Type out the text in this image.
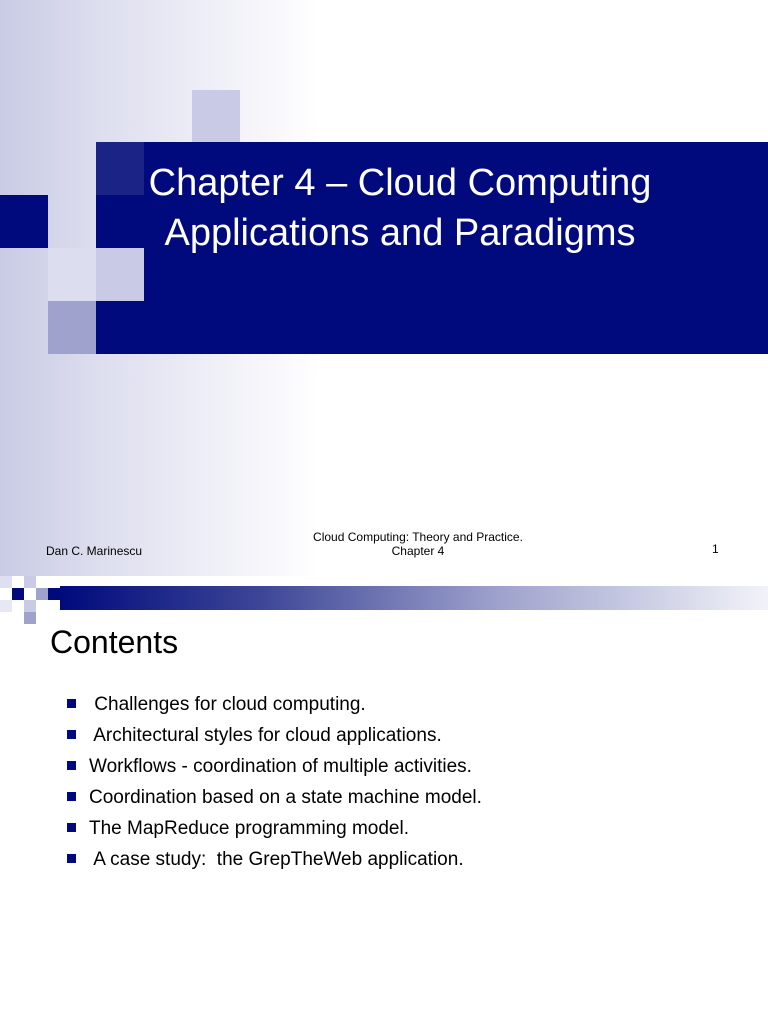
Chapter 4 – Cloud Computing
Applications and Paradigms
Dan C. Marinescu
Cloud Computing: Theory and Practice.
Chapter 4	1
Contents
Challenges for cloud computing.
Architectural styles for cloud applications.
Workflows - coordination of multiple activities.
Coordination based on a state machine model.
The MapReduce programming model.
A case study:  the GrepTheWeb application.
